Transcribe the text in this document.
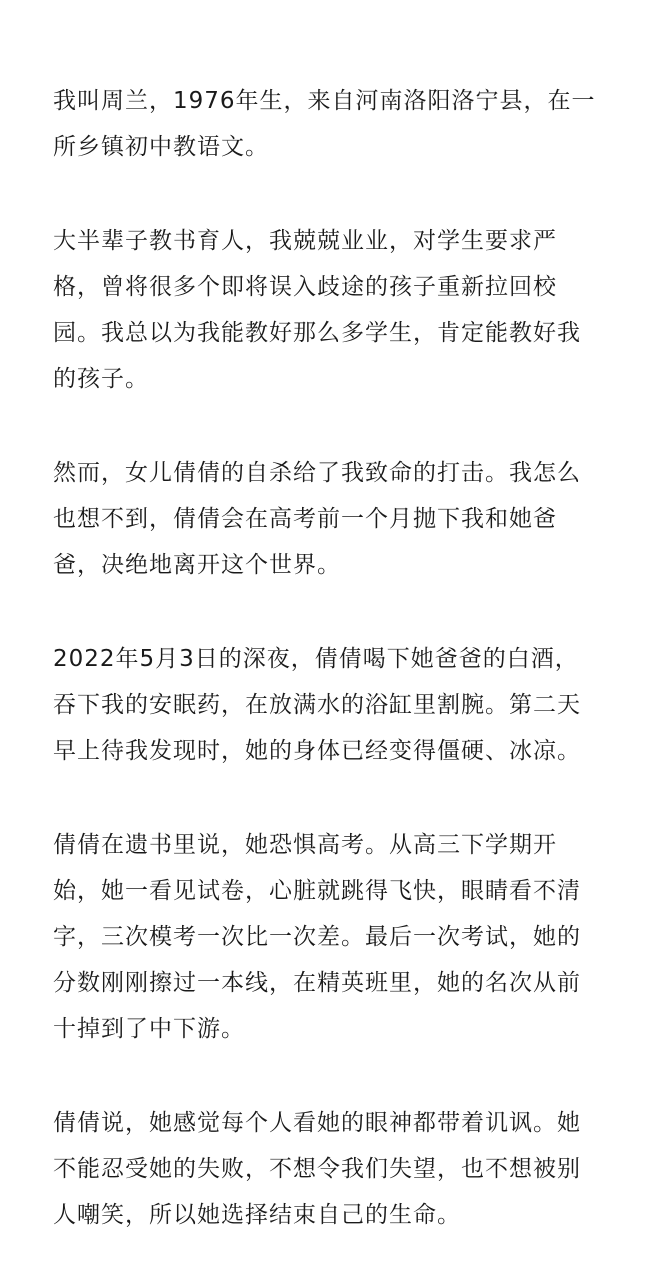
我叫周兰，1976年生，来自河南洛阳洛宁县，在一
所乡镇初中教语文。

大半辈子教书育人，我兢兢业业，对学生要求严
格，曾将很多个即将误入歧途的孩子重新拉回校
园。我总以为我能教好那么多学生，肯定能教好我
的孩子。

然而，女儿倩倩的自杀给了我致命的打击。我怎么
也想不到，倩倩会在高考前一个月抛下我和她爸
爸，决绝地离开这个世界。

2022年5月3日的深夜，倩倩喝下她爸爸的白酒，
吞下我的安眠药，在放满水的浴缸里割腕。第二天
早上待我发现时，她的身体已经变得僵硬、冰凉。

倩倩在遗书里说，她恐惧高考。从高三下学期开
始，她一看见试卷，心脏就跳得飞快，眼睛看不清
字，三次模考一次比一次差。最后一次考试，她的
分数刚刚擦过一本线，在精英班里，她的名次从前
十掉到了中下游。

倩倩说，她感觉每个人看她的眼神都带着讥讽。她
不能忍受她的失败，不想令我们失望，也不想被别
人嘲笑，所以她选择结束自己的生命。
